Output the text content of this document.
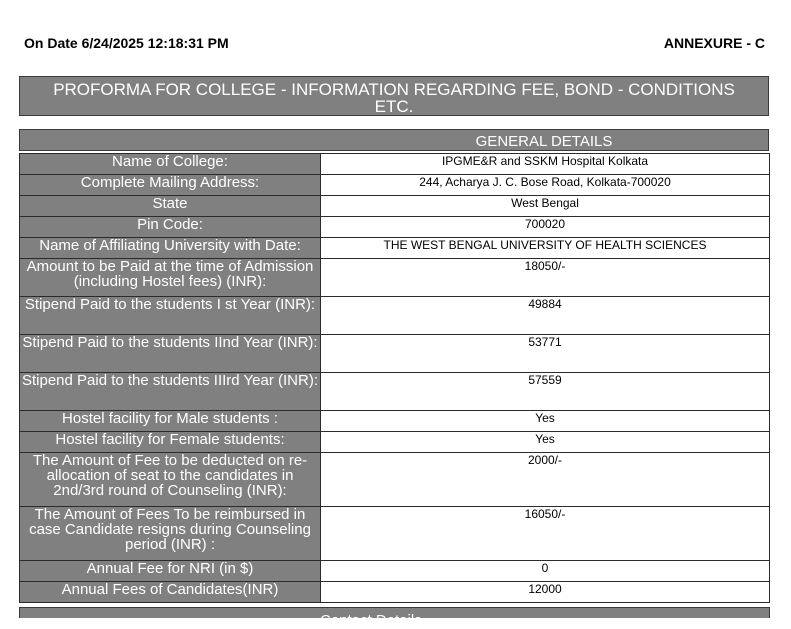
On Date 6/24/2025 12:18:31 PM	ANNEXURE - C
PROFORMA FOR COLLEGE - INFORMATION REGARDING FEE, BOND - CONDITIONS ETC.
GENERAL DETAILS
Name of College:	IPGME&R and SSKM Hospital Kolkata
Complete Mailing Address:	244, Acharya J. C. Bose Road, Kolkata-700020
State	West Bengal
Pin Code:	700020
Name of Affiliating University with Date:	THE WEST BENGAL UNIVERSITY OF HEALTH SCIENCES
Amount to be Paid at the time of Admission (including Hostel fees) (INR):	18050/-
Stipend Paid to the students I st Year (INR):	49884
Stipend Paid to the students IInd Year (INR):	53771
Stipend Paid to the students IIIrd Year (INR):	57559
Hostel facility for Male students :	Yes
Hostel facility for Female students:	Yes
The Amount of Fee to be deducted on re-allocation of seat to the candidates in 2nd/3rd round of Counseling (INR):	2000/-
The Amount of Fees To be reimbursed in case Candidate resigns during Counseling period (INR) :	16050/-
Annual Fee for NRI (in $)	0
Annual Fees of Candidates(INR)	12000
Contact Details
